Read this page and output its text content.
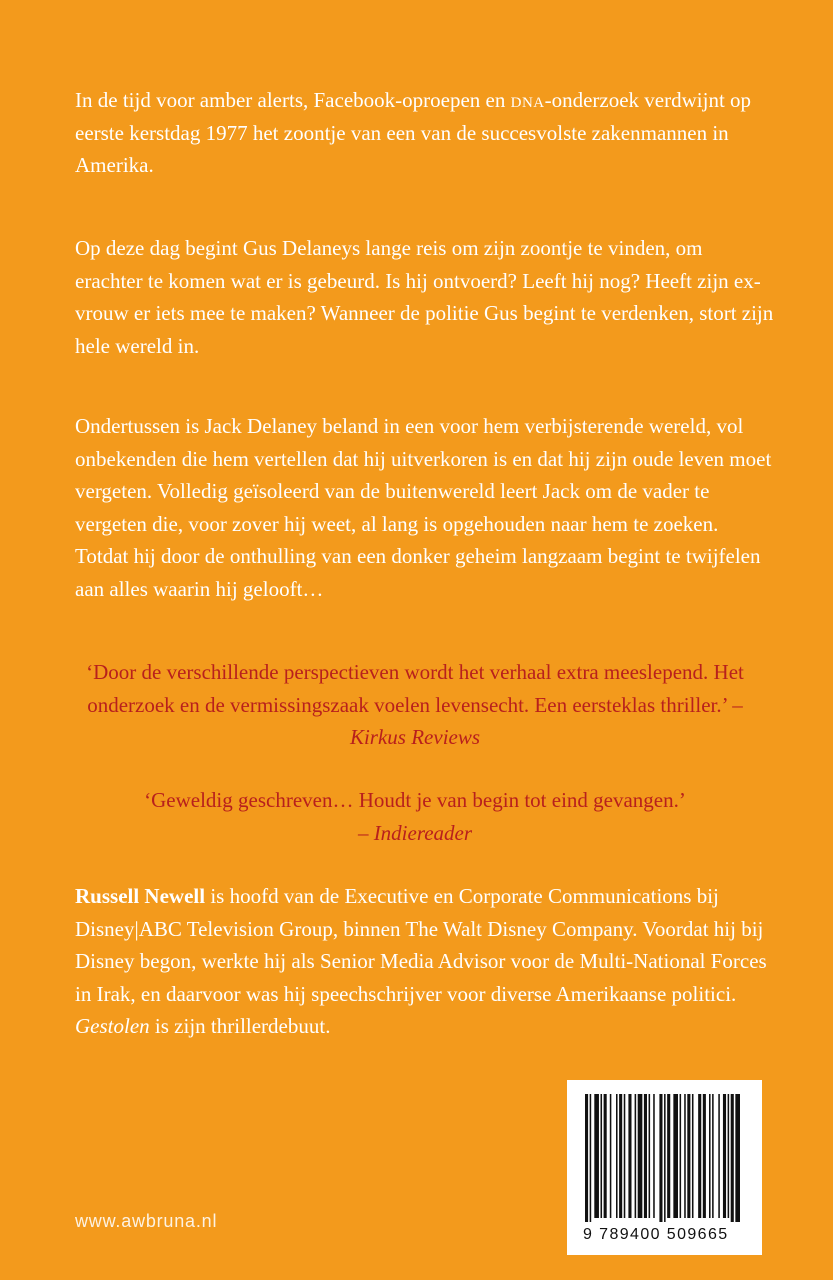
In de tijd voor amber alerts, Facebook-oproepen en dna-onderzoek verdwijnt op eerste kerstdag 1977 het zoontje van een van de succesvolste zakenmannen in Amerika.

Op deze dag begint Gus Delaneys lange reis om zijn zoontje te vinden, om erachter te komen wat er is gebeurd. Is hij ontvoerd? Leeft hij nog? Heeft zijn ex-vrouw er iets mee te maken? Wanneer de politie Gus begint te verdenken, stort zijn hele wereld in.

Ondertussen is Jack Delaney beland in een voor hem verbijsterende wereld, vol onbekenden die hem vertellen dat hij uitverkoren is en dat hij zijn oude leven moet vergeten. Volledig geïsoleerd van de buitenwereld leert Jack om de vader te vergeten die, voor zover hij weet, al lang is opgehouden naar hem te zoeken. Totdat hij door de onthulling van een donker geheim langzaam begint te twijfelen aan alles waarin hij gelooft…

‘Door de verschillende perspectieven wordt het verhaal extra meeslepend. Het onderzoek en de vermissingszaak voelen levensecht. Een eersteklas thriller.’ – Kirkus Reviews

‘Geweldig geschreven… Houdt je van begin tot eind gevangen.’
– Indiereader

Russell Newell is hoofd van de Executive en Corporate Communications bij Disney|ABC Television Group, binnen The Walt Disney Company. Voordat hij bij Disney begon, werkte hij als Senior Media Advisor voor de Multi-National Forces in Irak, en daarvoor was hij speechschrijver voor diverse Amerikaanse politici. Gestolen is zijn thrillerdebuut.

www.awbruna.nl
9 789400 509665
